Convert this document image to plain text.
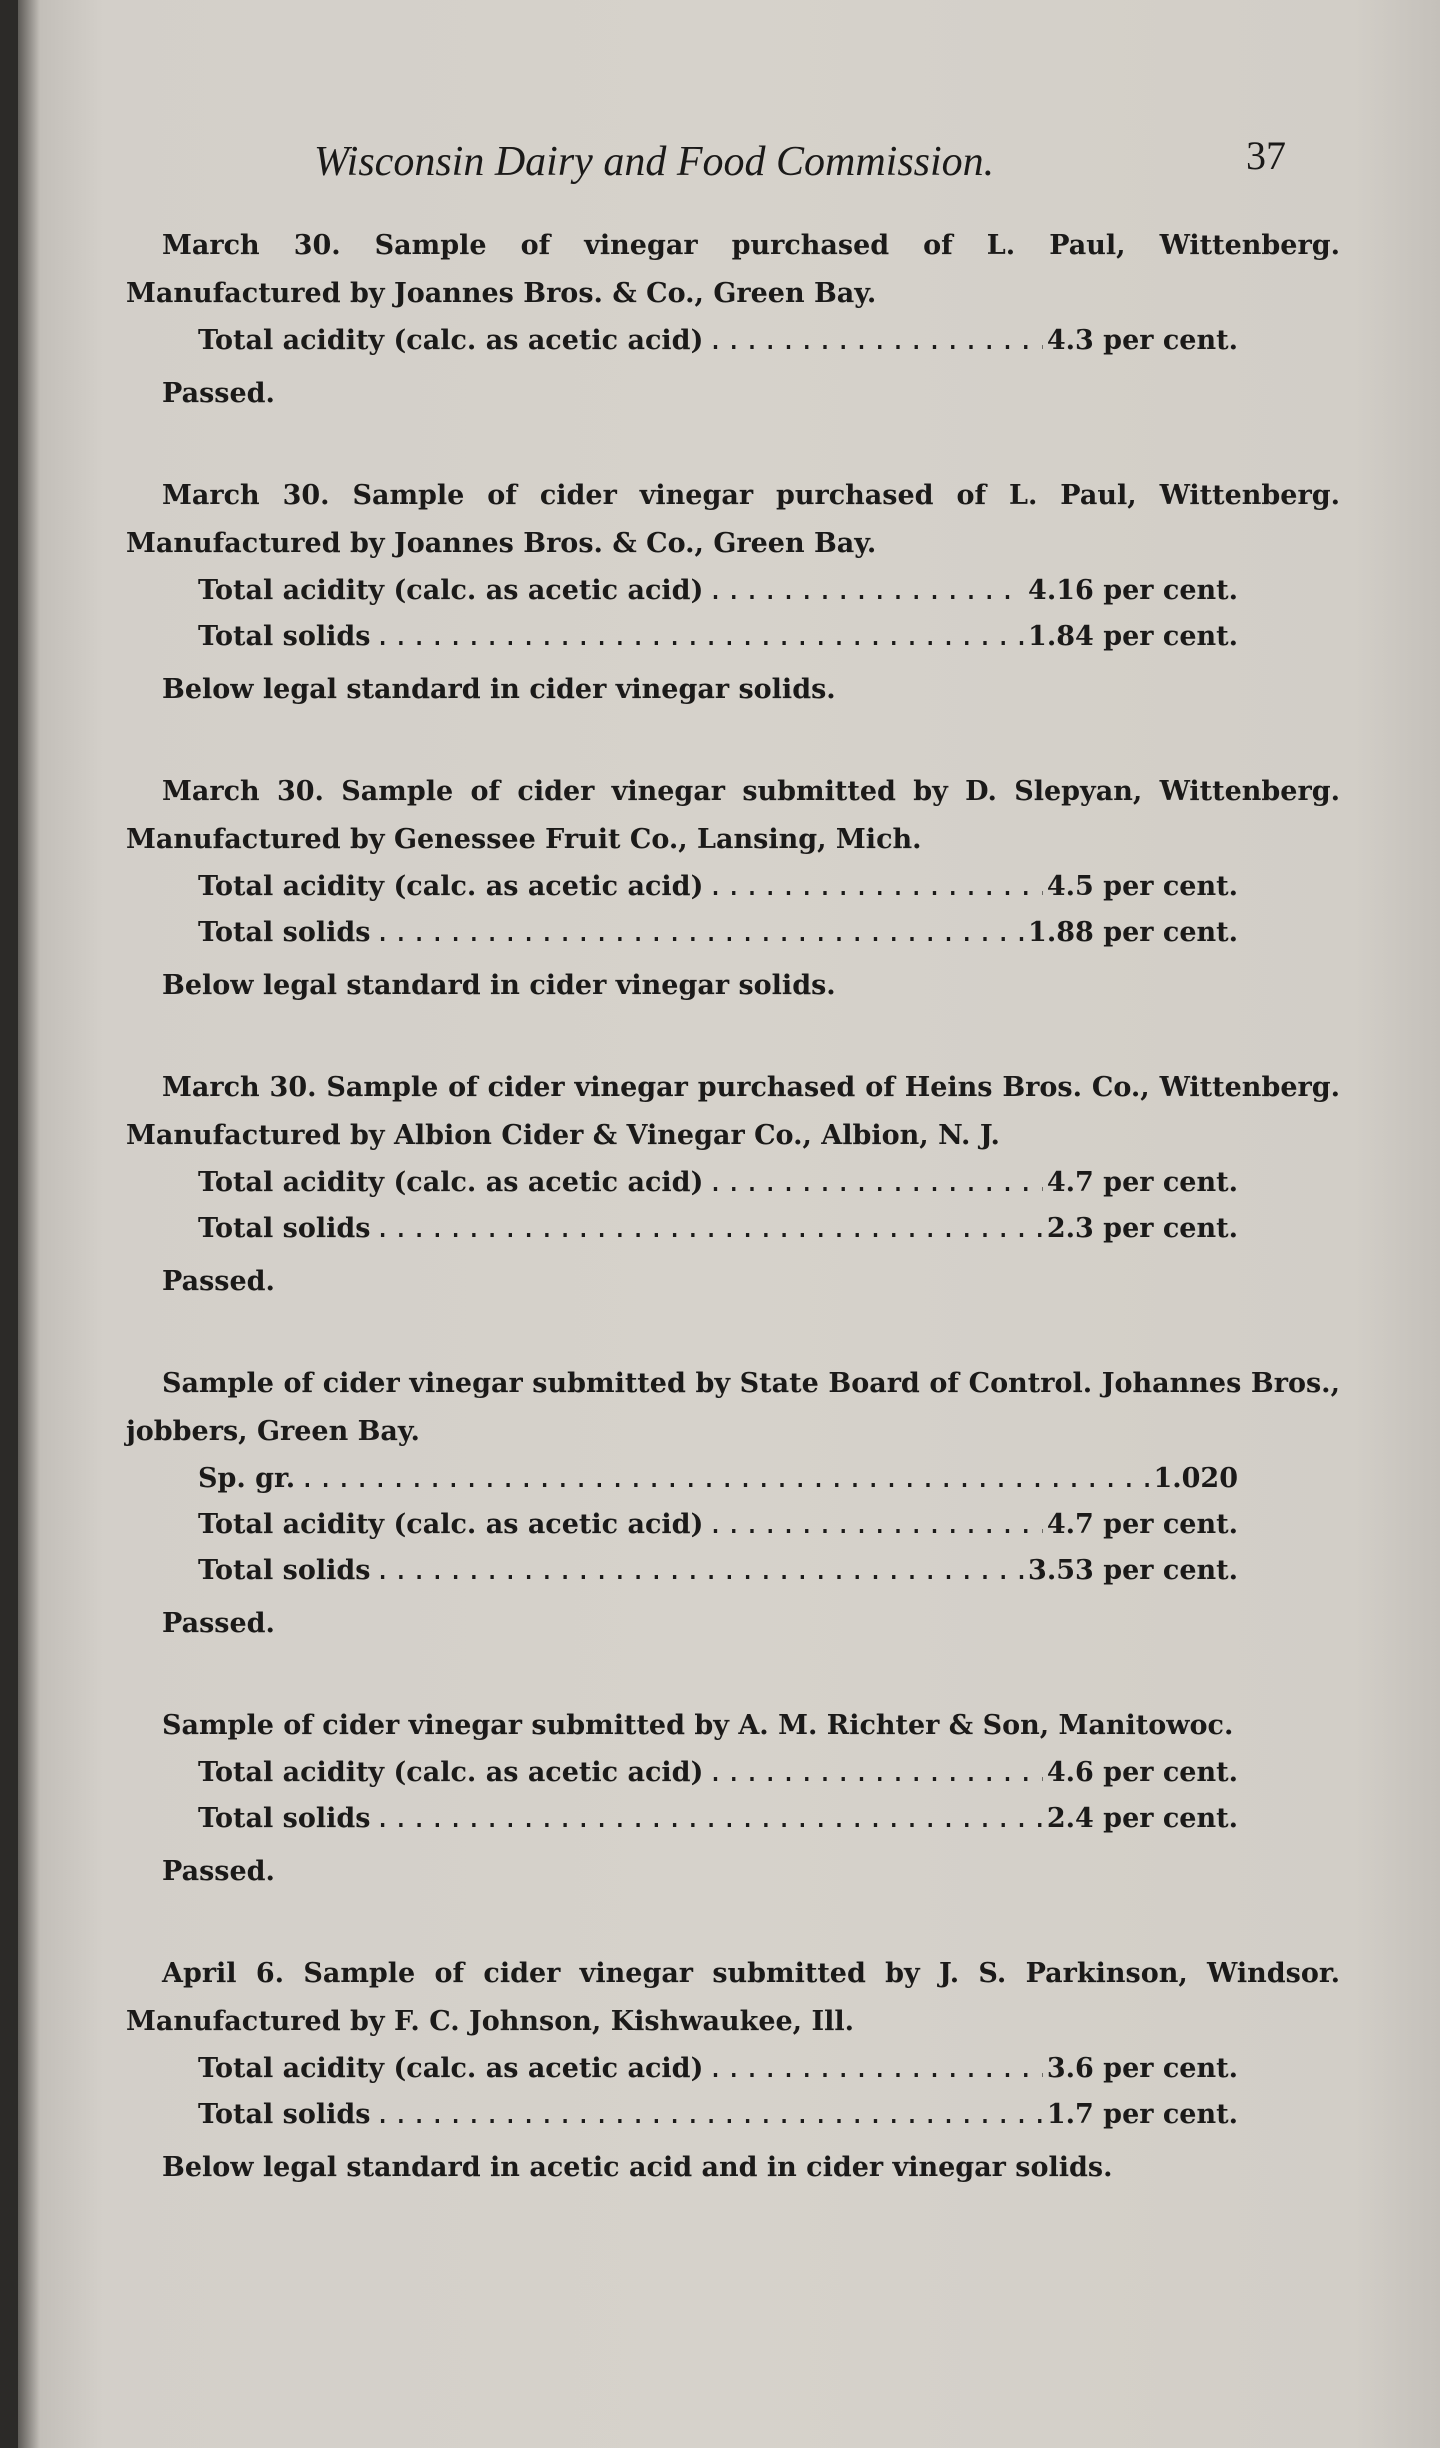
Wisconsin Dairy and Food Commission.	37

March 30. Sample of vinegar purchased of L. Paul, Wittenberg. Manufactured by Joannes Bros. & Co., Green Bay.

Total acidity (calc. as acetic acid) .....	4.3 per cent.
Passed.

March 30. Sample of cider vinegar purchased of L. Paul, Wittenberg. Manufactured by Joannes Bros. & Co., Green Bay.

Total acidity (calc. as acetic acid) .....	4.16 per cent.
Total solids .....	1.84 per cent.
Below legal standard in cider vinegar solids.

March 30. Sample of cider vinegar submitted by D. Slepyan, Wittenberg. Manufactured by Genessee Fruit Co., Lansing, Mich.

Total acidity (calc. as acetic acid) .....	4.5 per cent.
Total solids .....	1.88 per cent.
Below legal standard in cider vinegar solids.

March 30. Sample of cider vinegar purchased of Heins Bros. Co., Wittenberg. Manufactured by Albion Cider & Vinegar Co., Albion, N. J.

Total acidity (calc. as acetic acid) .....	4.7 per cent.
Total solids .....	2.3 per cent.
Passed.

Sample of cider vinegar submitted by State Board of Control. Johannes Bros., jobbers, Green Bay.

Sp. gr. .....	1.020
Total acidity (calc. as acetic acid) .....	4.7 per cent.
Total solids .....	3.53 per cent.
Passed.

Sample of cider vinegar submitted by A. M. Richter & Son, Manitowoc.

Total acidity (calc. as acetic acid) .....	4.6 per cent.
Total solids .....	2.4 per cent.
Passed.

April 6. Sample of cider vinegar submitted by J. S. Parkinson, Windsor. Manufactured by F. C. Johnson, Kishwaukee, Ill.

Total acidity (calc. as acetic acid) .....	3.6 per cent.
Total solids .....	1.7 per cent.
Below legal standard in acetic acid and in cider vinegar solids.
